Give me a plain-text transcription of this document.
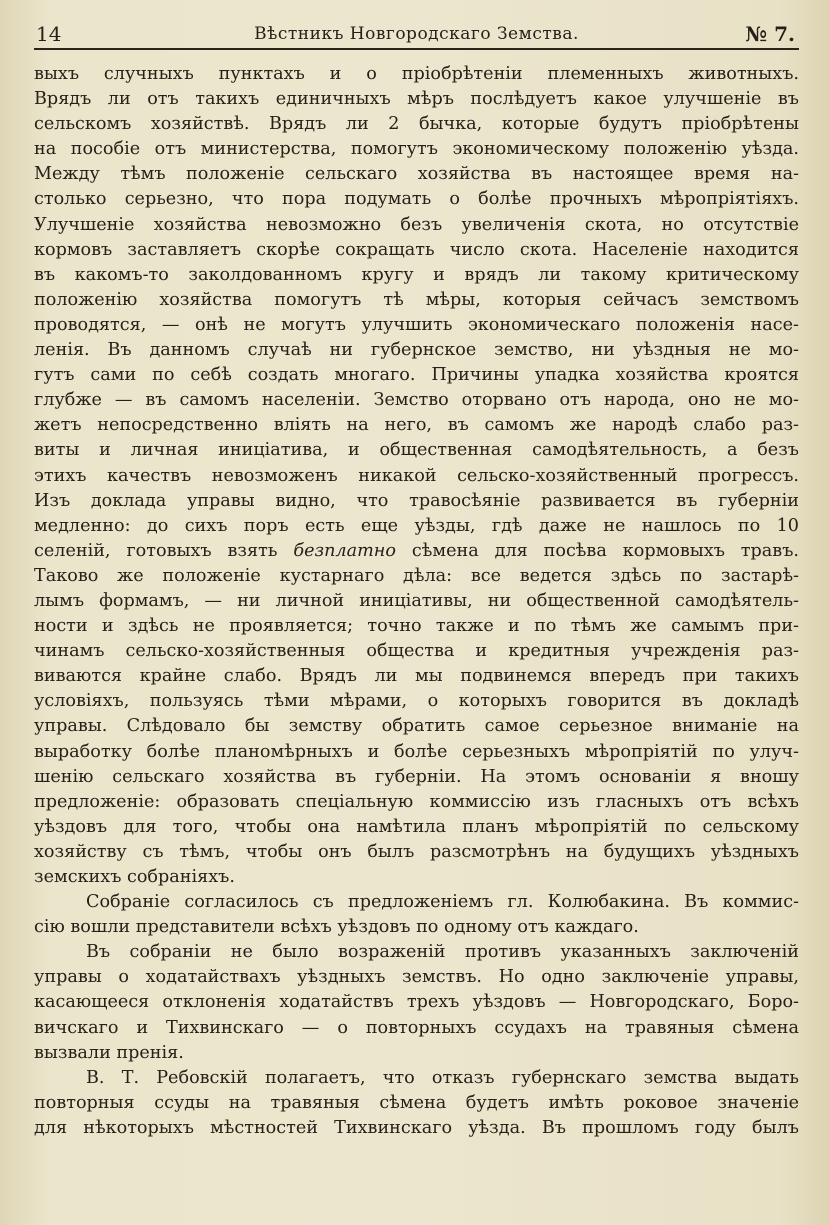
14	Вѣстникъ Новгородскаго Земства.	№ 7.
выхъ случныхъ пунктахъ и о пріобрѣтеніи племенныхъ животныхъ.
Врядъ ли отъ такихъ единичныхъ мѣръ послѣдуетъ какое улучшеніе въ
сельскомъ хозяйствѣ. Врядъ ли 2 бычка, которые будутъ пріобрѣтены
на пособіе отъ министерства, помогутъ экономическому положенію уѣзда.
Между тѣмъ положеніе сельскаго хозяйства въ настоящее время на-
столько серьезно, что пора подумать о болѣе прочныхъ мѣропріятіяхъ.
Улучшеніе хозяйства невозможно безъ увеличенія скота, но отсутствіе
кормовъ заставляетъ скорѣе сокращать число скота. Населеніе находится
въ какомъ-то заколдованномъ кругу и врядъ ли такому критическому
положенію хозяйства помогутъ тѣ мѣры, которыя сейчасъ земствомъ
проводятся, — онѣ не могутъ улучшить экономическаго положенія насе-
ленія. Въ данномъ случаѣ ни губернское земство, ни уѣздныя не мо-
гутъ сами по себѣ создать многаго. Причины упадка хозяйства кроятся
глубже — въ самомъ населеніи. Земство оторвано отъ народа, оно не мо-
жетъ непосредственно вліять на него, въ самомъ же народѣ слабо раз-
виты и личная иниціатива, и общественная самодѣятельность, а безъ
этихъ качествъ невозможенъ никакой сельско-хозяйственный прогрессъ.
Изъ доклада управы видно, что травосѣяніе развивается въ губерніи
медленно: до сихъ поръ есть еще уѣзды, гдѣ даже не нашлось по 10
селеній, готовыхъ взять безплатно сѣмена для посѣва кормовыхъ травъ.
Таково же положеніе кустарнаго дѣла: все ведется здѣсь по застарѣ-
лымъ формамъ, — ни личной иниціативы, ни общественной самодѣятель-
ности и здѣсь не проявляется; точно также и по тѣмъ же самымъ при-
чинамъ сельско-хозяйственныя общества и кредитныя учрежденія раз-
виваются крайне слабо. Врядъ ли мы подвинемся впередъ при такихъ
условіяхъ, пользуясь тѣми мѣрами, о которыхъ говорится въ докладѣ
управы. Слѣдовало бы земству обратить самое серьезное вниманіе на
выработку болѣе планомѣрныхъ и болѣе серьезныхъ мѣропріятій по улуч-
шенію сельскаго хозяйства въ губерніи. На этомъ основаніи я вношу
предложеніе: образовать спеціальную коммиссію изъ гласныхъ отъ всѣхъ
уѣздовъ для того, чтобы она намѣтила планъ мѣропріятій по сельскому
хозяйству съ тѣмъ, чтобы онъ былъ разсмотрѣнъ на будущихъ уѣздныхъ
земскихъ собраніяхъ.
Собраніе согласилось съ предложеніемъ гл. Колюбакина. Въ коммис-
сію вошли представители всѣхъ уѣздовъ по одному отъ каждаго.
Въ собраніи не было возраженій противъ указанныхъ заключеній
управы о ходатайствахъ уѣздныхъ земствъ. Но одно заключеніе управы,
касающееся отклоненія ходатайствъ трехъ уѣздовъ — Новгородскаго, Боро-
вичскаго и Тихвинскаго — о повторныхъ ссудахъ на травяныя сѣмена
вызвали пренія.
В. Т. Ребовскій полагаетъ, что отказъ губернскаго земства выдать
повторныя ссуды на травяныя сѣмена будетъ имѣть роковое значеніе
для нѣкоторыхъ мѣстностей Тихвинскаго уѣзда. Въ прошломъ году былъ
